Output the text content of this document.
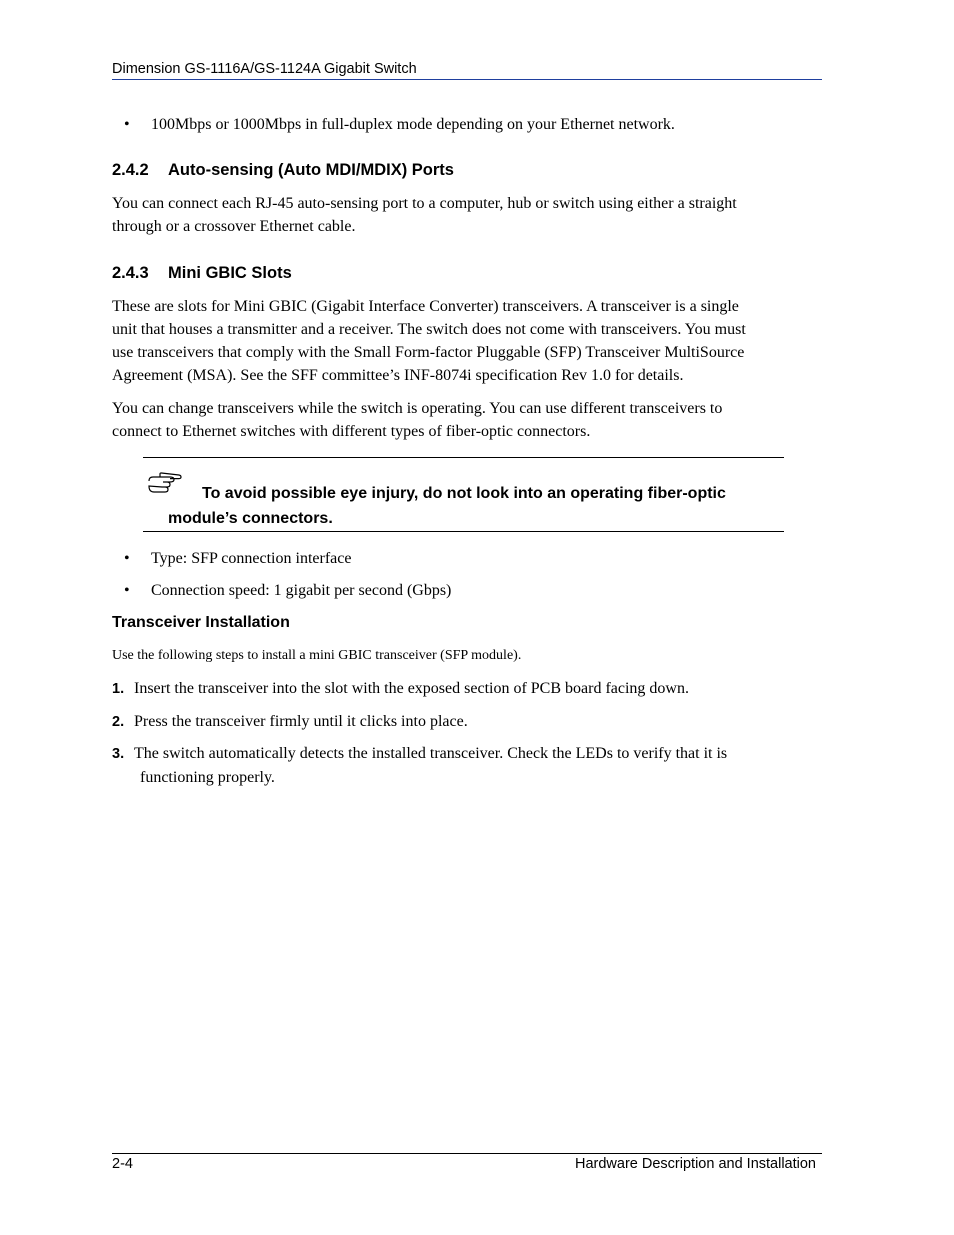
Dimension GS-1116A/GS-1124A Gigabit Switch
• 100Mbps or 1000Mbps in full-duplex mode depending on your Ethernet network.
2.4.2 Auto-sensing (Auto MDI/MDIX) Ports
You can connect each RJ-45 auto-sensing port to a computer, hub or switch using either a straight
through or a crossover Ethernet cable.
2.4.3 Mini GBIC Slots
These are slots for Mini GBIC (Gigabit Interface Converter) transceivers. A transceiver is a single
unit that houses a transmitter and a receiver. The switch does not come with transceivers. You must
use transceivers that comply with the Small Form-factor Pluggable (SFP) Transceiver MultiSource
Agreement (MSA). See the SFF committee’s INF-8074i specification Rev 1.0 for details.
You can change transceivers while the switch is operating. You can use different transceivers to
connect to Ethernet switches with different types of fiber-optic connectors.
To avoid possible eye injury, do not look into an operating fiber-optic
module’s connectors.
• Type: SFP connection interface
• Connection speed: 1 gigabit per second (Gbps)
Transceiver Installation
Use the following steps to install a mini GBIC transceiver (SFP module).
1. Insert the transceiver into the slot with the exposed section of PCB board facing down.
2. Press the transceiver firmly until it clicks into place.
3. The switch automatically detects the installed transceiver. Check the LEDs to verify that it is
functioning properly.
2-4	Hardware Description and Installation
